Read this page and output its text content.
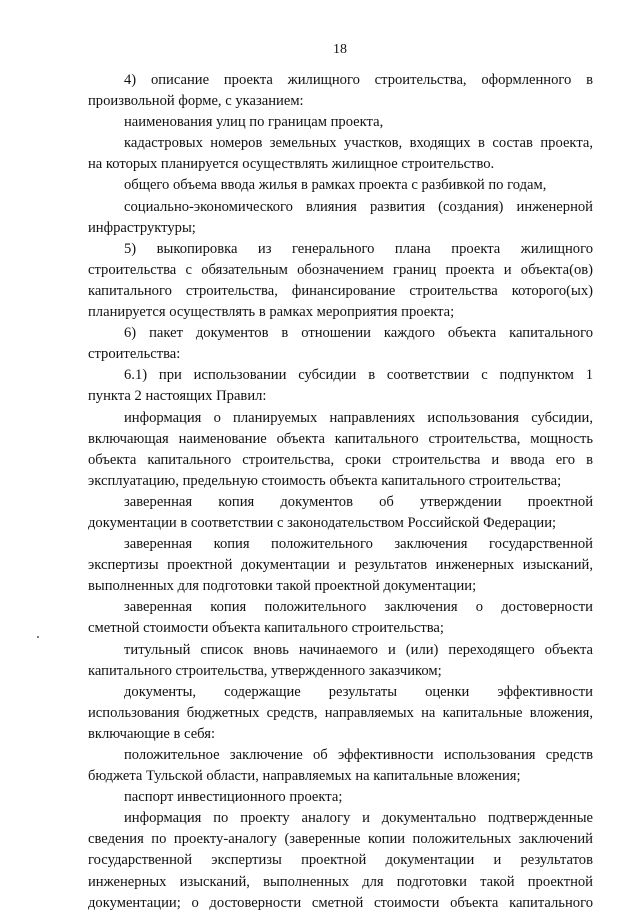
18
4) описание проекта жилищного строительства, оформленного в
произвольной форме, с указанием:
наименования улиц по границам проекта,
кадастровых номеров земельных участков, входящих в состав проекта,
на которых планируется осуществлять жилищное строительство.
общего объема ввода жилья в рамках проекта с разбивкой по годам,
социально-экономического влияния развития (создания) инженерной
инфраструктуры;
5) выкопировка из генерального плана проекта жилищного
строительства с обязательным обозначением границ проекта и объекта(ов)
капитального строительства, финансирование строительства которого(ых)
планируется осуществлять в рамках мероприятия проекта;
6) пакет документов в отношении каждого объекта капитального
строительства:
6.1) при использовании субсидии в соответствии с подпунктом 1
пункта 2 настоящих Правил:
информация о планируемых направлениях использования субсидии,
включающая наименование объекта капитального строительства, мощность
объекта капитального строительства, сроки строительства и ввода его в
эксплуатацию, предельную стоимость объекта капитального строительства;
заверенная копия документов об утверждении проектной
документации в соответствии с законодательством Российской Федерации;
заверенная копия положительного заключения государственной
экспертизы проектной документации и результатов инженерных изысканий,
выполненных для подготовки такой проектной документации;
заверенная копия положительного заключения о достоверности
сметной стоимости объекта капитального строительства;
титульный список вновь начинаемого и (или) переходящего объекта
капитального строительства, утвержденного заказчиком;
документы, содержащие результаты оценки эффективности
использования бюджетных средств, направляемых на капитальные вложения,
включающие в себя:
положительное заключение об эффективности использования средств
бюджета Тульской области, направляемых на капитальные вложения;
паспорт инвестиционного проекта;
информация по проекту аналогу и документально подтвержденные
сведения по проекту-аналогу (заверенные копии положительных заключений
государственной экспертизы проектной документации и результатов
инженерных изысканий, выполненных для подготовки такой проектной
документации; о достоверности сметной стоимости объекта капитального
